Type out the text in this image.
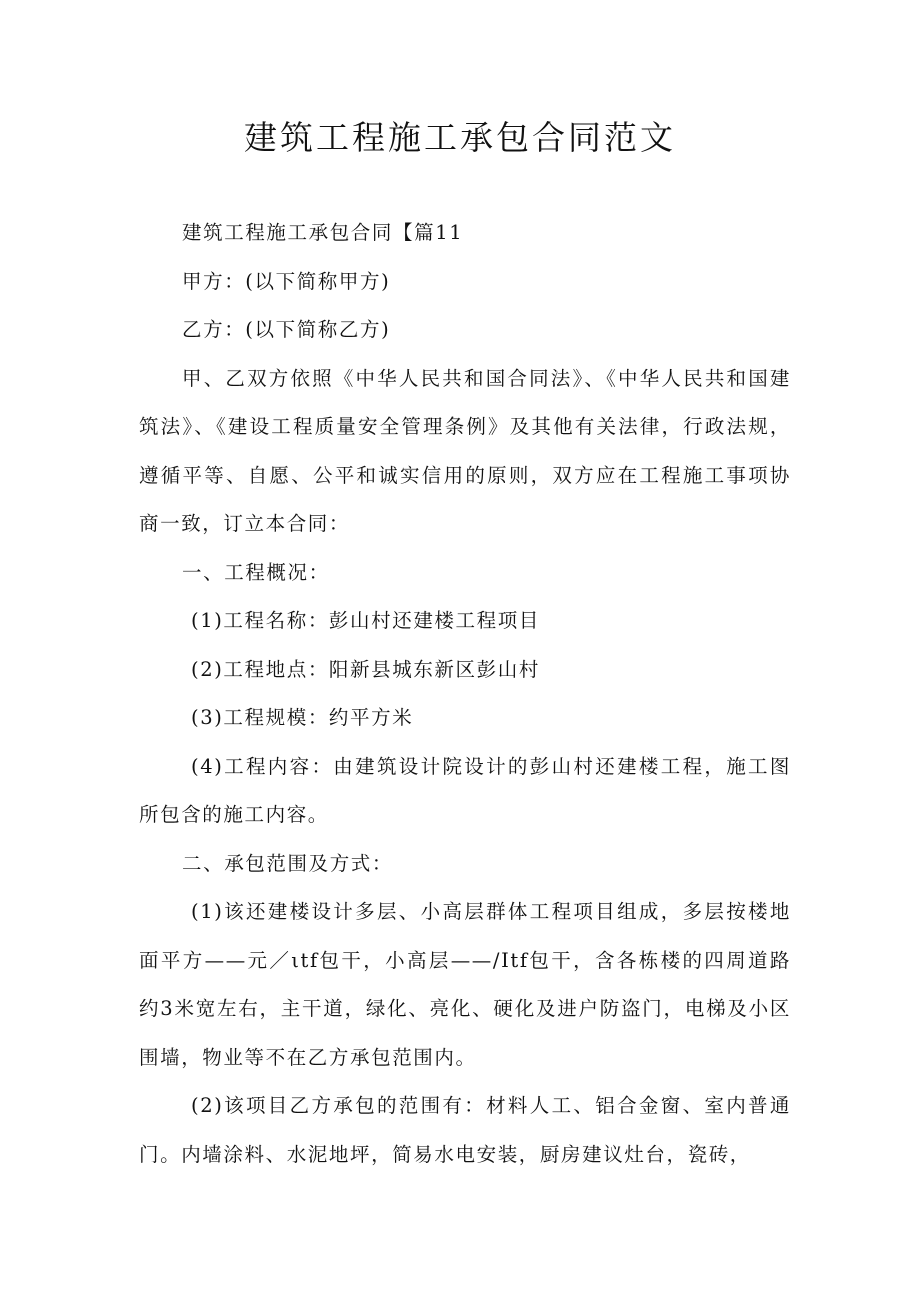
建筑工程施工承包合同范文

建筑工程施工承包合同【篇11

甲方：(以下简称甲方)

乙方：(以下简称乙方)

甲、乙双方依照《中华人民共和国合同法》、《中华人民共和国建筑法》、《建设工程质量安全管理条例》及其他有关法律，行政法规，遵循平等、自愿、公平和诚实信用的原则，双方应在工程施工事项协商一致，订立本合同：

一、工程概况：

(1)工程名称：彭山村还建楼工程项目

(2)工程地点：阳新县城东新区彭山村

(3)工程规模：约平方米

(4)工程内容：由建筑设计院设计的彭山村还建楼工程，施工图所包含的施工内容。

二、承包范围及方式：

(1)该还建楼设计多层、小高层群体工程项目组成，多层按楼地面平方——元／ιtf包干，小高层——/Itf包干，含各栋楼的四周道路约3米宽左右，主干道，绿化、亮化、硬化及进户防盗门，电梯及小区围墙，物业等不在乙方承包范围内。

(2)该项目乙方承包的范围有：材料人工、铝合金窗、室内普通门。内墙涂料、水泥地坪，简易水电安装，厨房建议灶台，瓷砖，
